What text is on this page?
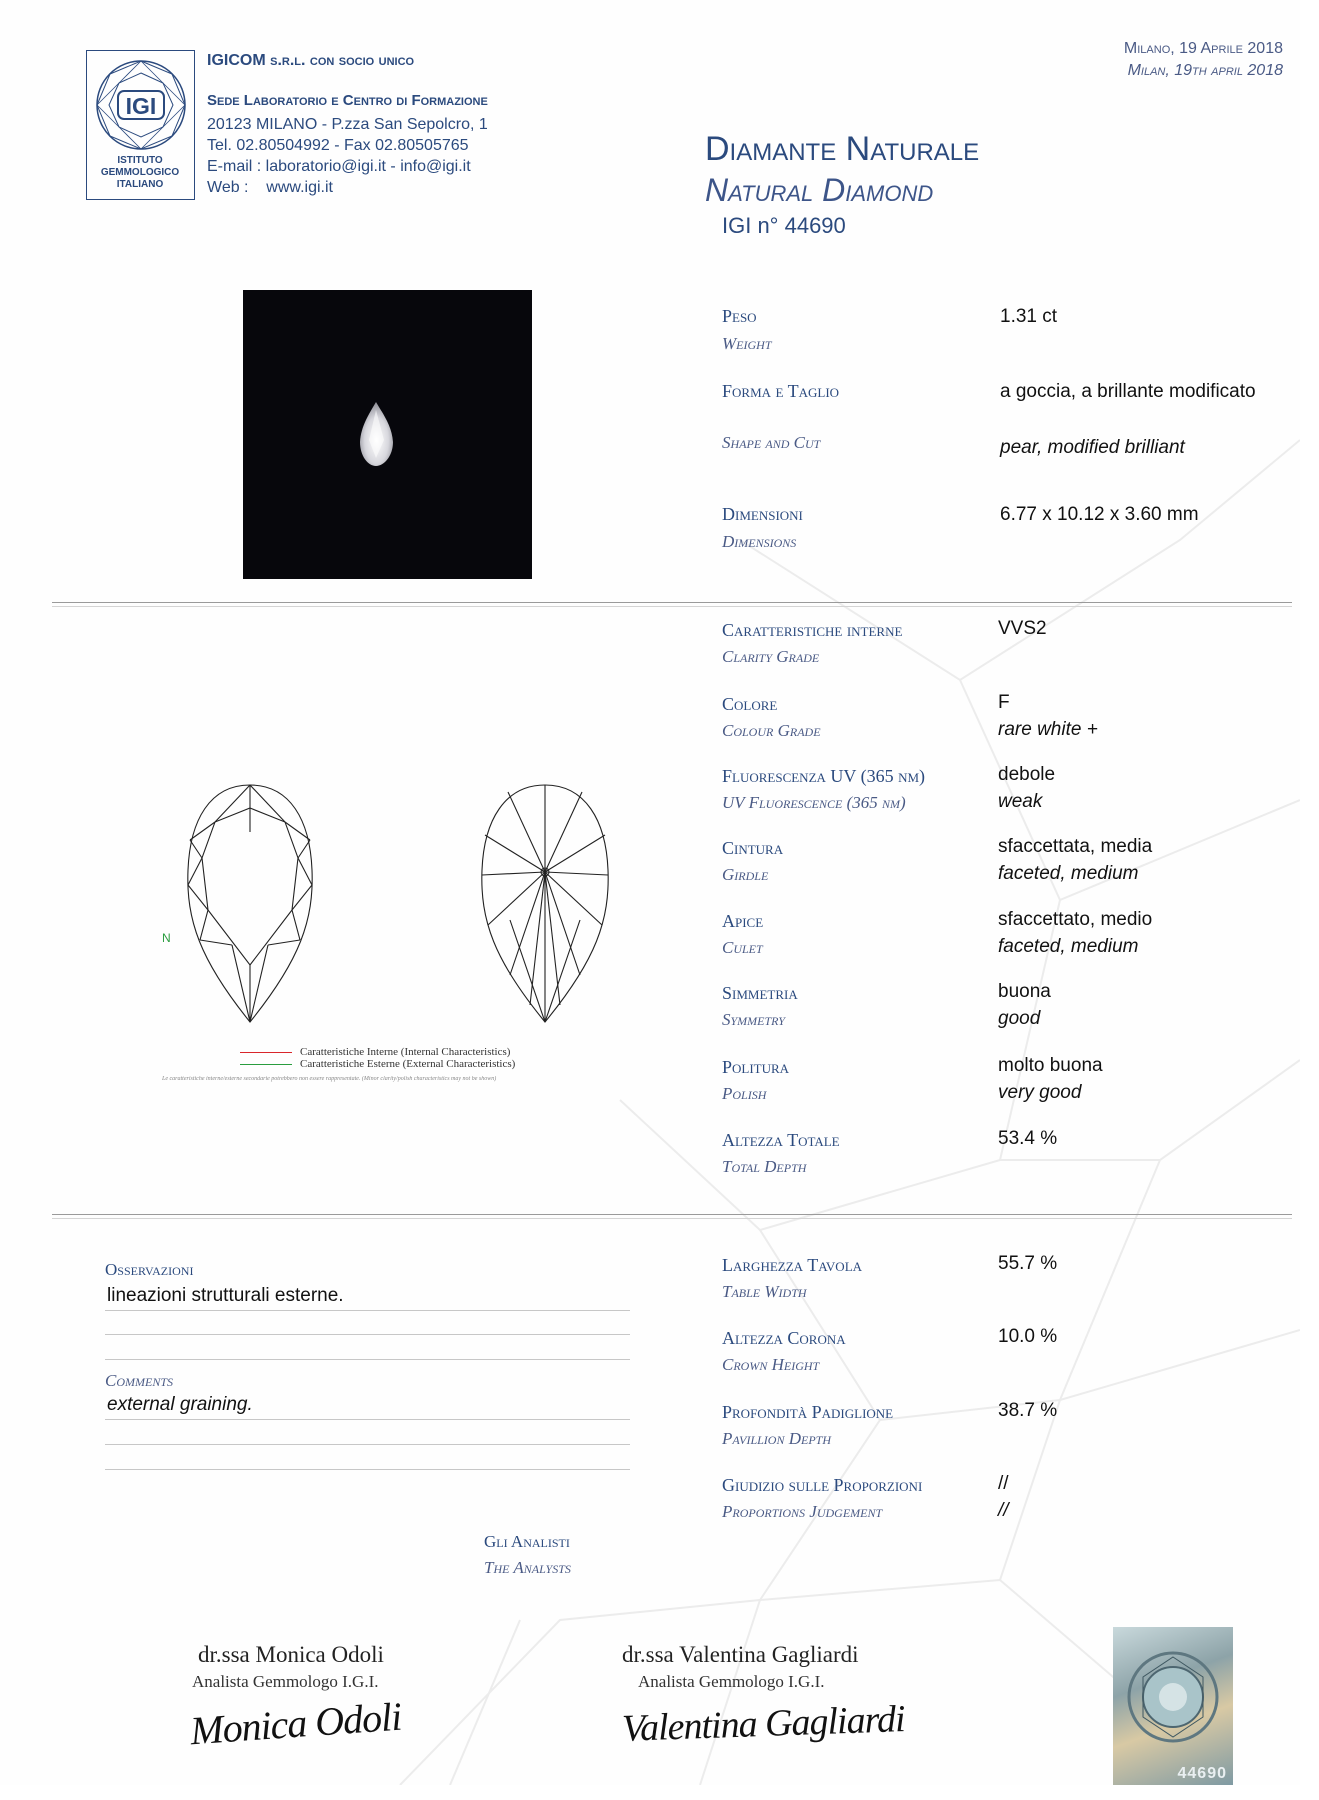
IGI
ISTITUTO
GEMMOLOGICO
ITALIANO
IGICOM s.r.l. con socio unico
Sede Laboratorio e Centro di Formazione
20123 MILANO - P.zza San Sepolcro, 1
Tel. 02.80504992 - Fax 02.80505765
E-mail : laboratorio@igi.it - info@igi.it
Web : www.igi.it
Milano, 19 Aprile 2018
Milan, 19th april 2018
Diamante Naturale
Natural Diamond
IGI n° 44690
Peso
Weight
1.31 ct
Forma e Taglio
Shape and Cut
a goccia, a brillante modificato
pear, modified brilliant
Dimensioni
Dimensions
6.77 x 10.12 x 3.60 mm
Caratteristiche interne
Clarity Grade
VVS2
Colore
Colour Grade
F
rare white +
Fluorescenza UV (365 nm)
UV Fluorescence (365 nm)
debole
weak
Cintura
Girdle
sfaccettata, media
faceted, medium
Apice
Culet
sfaccettato, medio
faceted, medium
Simmetria
Symmetry
buona
good
Politura
Polish
molto buona
very good
Altezza Totale
Total Depth
53.4 %
N
Caratteristiche Interne (Internal Characteristics)
Caratteristiche Esterne (External Characteristics)
Le caratteristiche interne/esterne secondarie potrebbero non essere rappresentate. (Minor clarity/polish characteristics may not be shown)
Larghezza Tavola
Table Width
55.7 %
Altezza Corona
Crown Height
10.0 %
Profondità Padiglione
Pavillion Depth
38.7 %
Giudizio sulle Proporzioni
Proportions Judgement
//
//
Osservazioni
lineazioni strutturali esterne.
Comments
external graining.
Gli Analisti
The Analysts
dr.ssa Monica Odoli
Analista Gemmologo I.G.I.
Monica Odoli
dr.ssa Valentina Gagliardi
Analista Gemmologo I.G.I.
Valentina Gagliardi
44690
